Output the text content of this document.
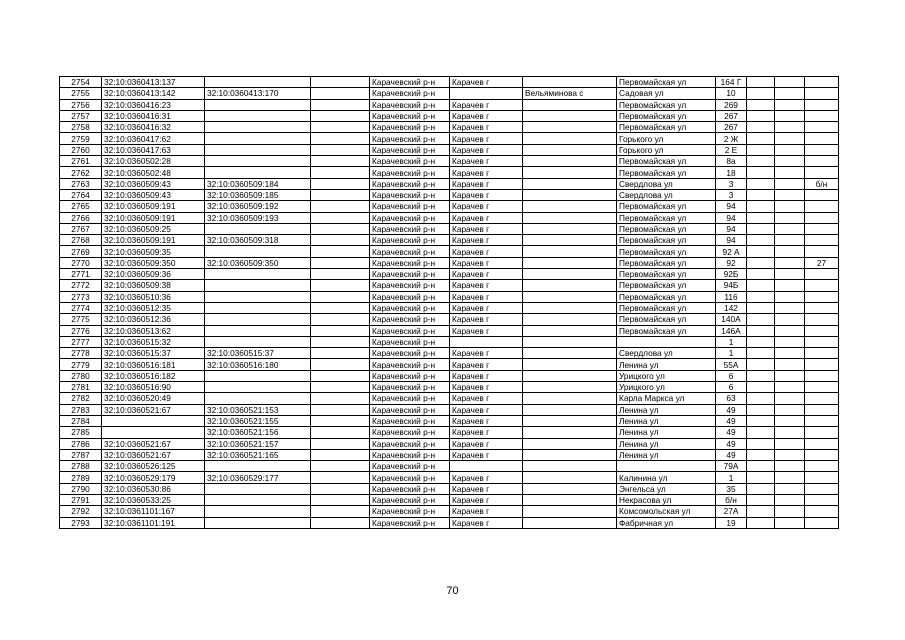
2754	32:10:0360413:137			Карачевский р-н	Карачев г		Первомайская ул	164 Г			
2755	32:10:0360413:142	32:10:0360413:170		Карачевский р-н		Вельяминова с	Садовая ул	10			
2756	32:10:0360416:23			Карачевский р-н	Карачев г		Первомайская ул	269			
2757	32:10:0360416:31			Карачевский р-н	Карачев г		Первомайская ул	267			
2758	32:10:0360416:32			Карачевский р-н	Карачев г		Первомайская ул	267			
2759	32:10:0360417:62			Карачевский р-н	Карачев г		Горького ул	2 Ж			
2760	32:10:0360417:63			Карачевский р-н	Карачев г		Горького ул	2 Е			
2761	32:10:0360502:28			Карачевский р-н	Карачев г		Первомайская ул	8а			
2762	32:10:0360502:48			Карачевский р-н	Карачев г		Первомайская ул	18			
2763	32:10:0360509:43	32:10:0360509:184		Карачевский р-н	Карачев г		Свердлова ул	3			б/н
2764	32:10:0360509:43	32:10:0360509:185		Карачевский р-н	Карачев г		Свердлова ул	3			
2765	32:10:0360509:191	32:10:0360509:192		Карачевский р-н	Карачев г		Первомайская ул	94			
2766	32:10:0360509:191	32:10:0360509:193		Карачевский р-н	Карачев г		Первомайская ул	94			
2767	32:10:0360509:25			Карачевский р-н	Карачев г		Первомайская ул	94			
2768	32:10:0360509:191	32:10:0360509:318		Карачевский р-н	Карачев г		Первомайская ул	94			
2769	32:10:0360509:35			Карачевский р-н	Карачев г		Первомайская ул	92 А			
2770	32:10:0360509:350	32:10:0360509:350		Карачевский р-н	Карачев г		Первомайская ул	92			27
2771	32:10:0360509:36			Карачевский р-н	Карачев г		Первомайская ул	92Б			
2772	32:10:0360509:38			Карачевский р-н	Карачев г		Первомайская ул	94Б			
2773	32:10:0360510:36			Карачевский р-н	Карачев г		Первомайская ул	116			
2774	32:10:0360512:35			Карачевский р-н	Карачев г		Первомайская ул	142			
2775	32:10:0360512:36			Карачевский р-н	Карачев г		Первомайская ул	140А			
2776	32:10:0360513:62			Карачевский р-н	Карачев г		Первомайская ул	146А			
2777	32:10:0360515:32			Карачевский р-н				1			
2778	32:10:0360515:37	32:10:0360515:37		Карачевский р-н	Карачев г		Свердлова ул	1			
2779	32:10:0360516:181	32:10:0360516:180		Карачевский р-н	Карачев г		Ленина ул	55А			
2780	32:10:0360516:182			Карачевский р-н	Карачев г		Урицкого ул	6			
2781	32:10:0360516:90			Карачевский р-н	Карачев г		Урицкого ул	6			
2782	32:10:0360520:49			Карачевский р-н	Карачев г		Карла Маркса ул	63			
2783	32:10:0360521:67	32:10:0360521:153		Карачевский р-н	Карачев г		Ленина ул	49			
2784		32:10:0360521:155		Карачевский р-н	Карачев г		Ленина ул	49			
2785		32:10:0360521:156		Карачевский р-н	Карачев г		Ленина ул	49			
2786	32:10:0360521:67	32:10:0360521:157		Карачевский р-н	Карачев г		Ленина ул	49			
2787	32:10:0360521:67	32:10:0360521:165		Карачевский р-н	Карачев г		Ленина ул	49			
2788	32:10:0360526:125			Карачевский р-н				79А			
2789	32:10:0360529:179	32:10:0360529:177		Карачевский р-н	Карачев г		Калинина ул	1			
2790	32:10:0360530:86			Карачевский р-н	Карачев г		Энгельса ул	35			
2791	32:10:0360533:25			Карачевский р-н	Карачев г		Некрасова ул	б/н			
2792	32:10:0361101:167			Карачевский р-н	Карачев г		Комсомольская ул	27А			
2793	32:10:0361101:191			Карачевский р-н	Карачев г		Фабричная ул	19			
70
